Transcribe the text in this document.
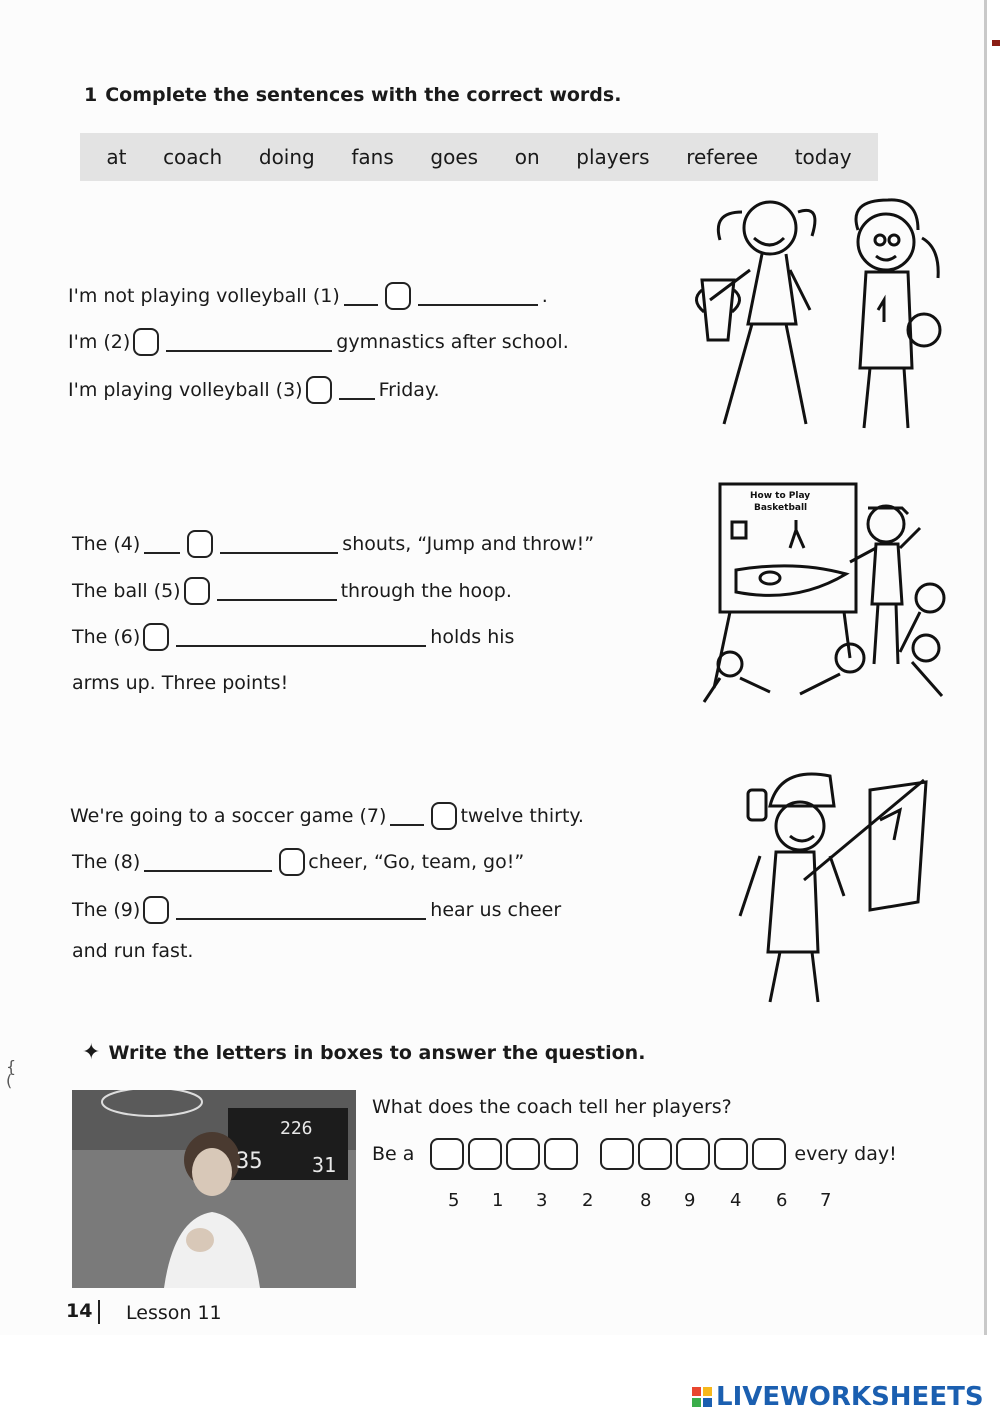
1 Complete the sentences with the correct words.
at coach doing fans goes on players referee today
I'm not playing volleyball (1)	.
I'm (2)	gymnastics after school.
I'm playing volleyball (3)	Friday.
The (4)	shouts, “Jump and throw!”
The ball (5)	through the hoop.
The (6)	holds his
arms up. Three points!
How to Play
Basketball
We're going to a soccer game (7)	twelve thirty.
The (8)	cheer, “Go, team, go!”
The (9)	hear us cheer
and run fast.
✦ Write the letters in boxes to answer the question.
226
35 31
What does the coach tell her players?
Be a	every day!
5 1 3 2	8 9 4 6 7
{
(
14 Lesson 11
LIVEWORKSHEETS
